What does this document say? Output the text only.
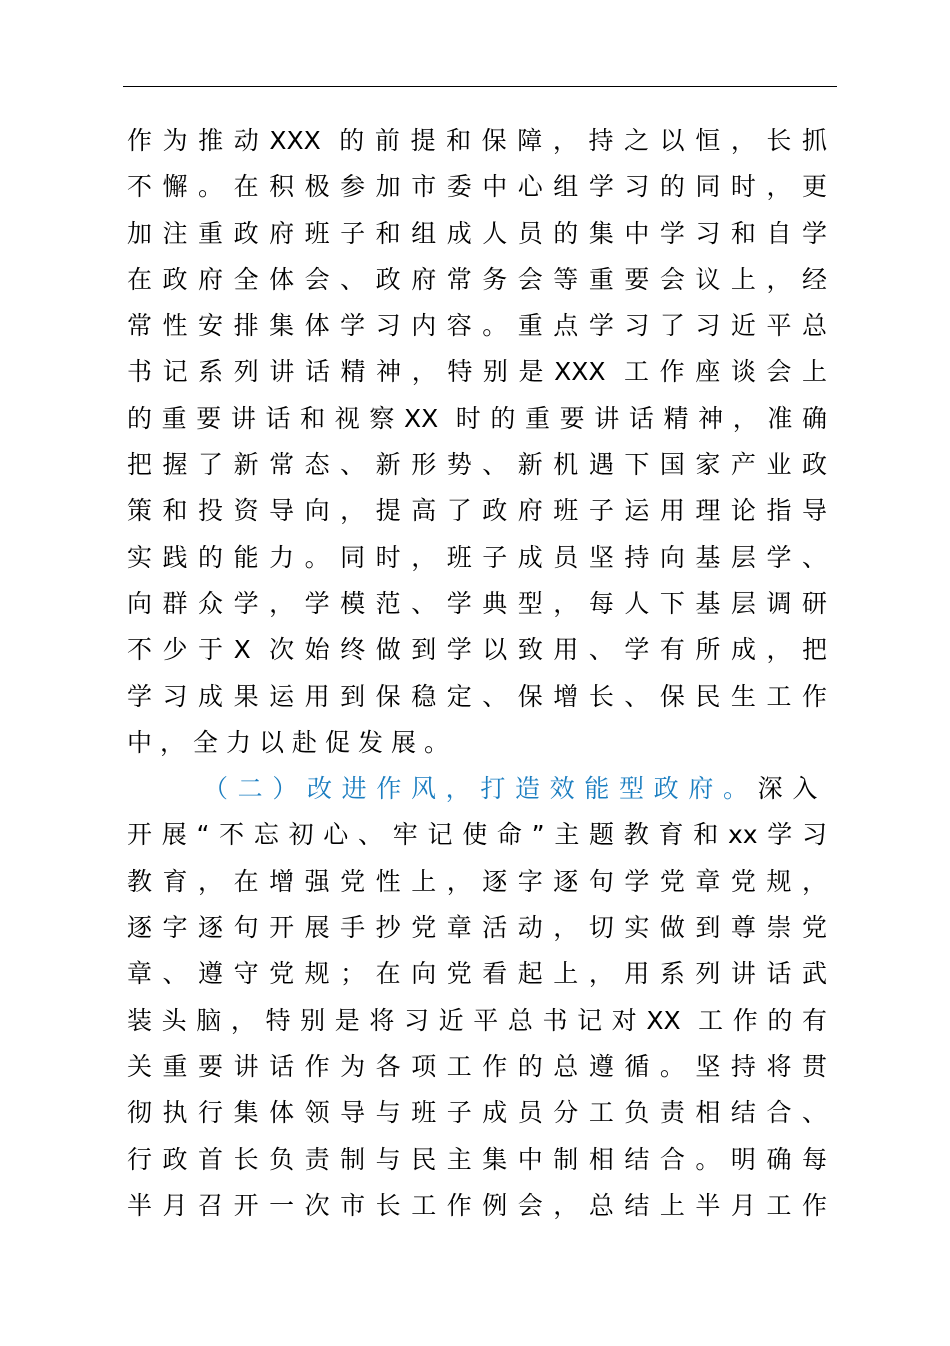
作为推动XXX 的前提和保障，持之以恒，长抓
不懈。在积极参加市委中心组学习的同时，更
加注重政府班子和组成人员的集中学习和自学
在政府全体会、政府常务会等重要会议上，经
常性安排集体学习内容。重点学习了习近平总
书记系列讲话精神，特别是XXX 工作座谈会上
的重要讲话和视察XX 时的重要讲话精神，准确
把握了新常态、新形势、新机遇下国家产业政
策和投资导向，提高了政府班子运用理论指导
实践的能力。同时，班子成员坚持向基层学、
向群众学，学模范、学典型，每人下基层调研
不少于X 次始终做到学以致用、学有所成，把
学习成果运用到保稳定、保增长、保民生工作
中，全力以赴促发展。
（二）改进作风，打造效能型政府。深入
开展“不忘初心、牢记使命”主题教育和xx学习
教育，在增强党性上，逐字逐句学党章党规，
逐字逐句开展手抄党章活动，切实做到尊崇党
章、遵守党规；在向党看起上，用系列讲话武
装头脑，特别是将习近平总书记对XX 工作的有
关重要讲话作为各项工作的总遵循。坚持将贯
彻执行集体领导与班子成员分工负责相结合、
行政首长负责制与民主集中制相结合。明确每
半月召开一次市长工作例会，总结上半月工作
